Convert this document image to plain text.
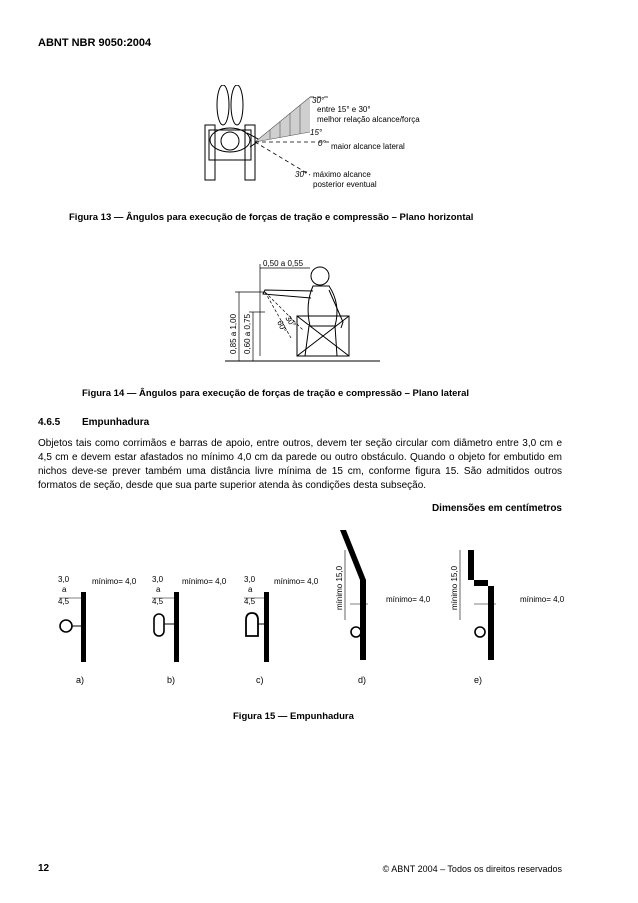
ABNT NBR 9050:2004
30°
entre 15° e 30°
melhor relação alcance/força
15°
0° maior alcance lateral
30° máximo alcance
posterior eventual
Figura 13 — Ângulos para execução de forças de tração e compressão – Plano horizontal
0,50 a 0,55
0,85 a 1,00 0,60 a 0,75	30°
60°
Figura 14 — Ângulos para execução de forças de tração e compressão – Plano lateral
4.6.5 Empunhadura
Objetos tais como corrimãos e barras de apoio, entre outros, devem ter seção circular com diâmetro entre 3,0 cm e 4,5 cm e devem estar afastados no mínimo 4,0 cm da parede ou outro obstáculo. Quando o objeto for embutido em nichos deve-se prever também uma distância livre mínima de 15 cm, conforme figura 15. São admitidos outros formatos de seção, desde que sua parte superior atenda às condições desta subseção.
Dimensões em centímetros
3,0
a
4,5
mínimo= 4,0 3,0
a
4,5
mínimo= 4,0 3,0
a
4,5
mínimo= 4,0 mínimo 15,0	mínimo= 4,0 mínimo 15,0	mínimo= 4,0
a)	b)	c)	d)	e)
Figura 15 — Empunhadura
12	© ABNT 2004 – Todos os direitos reservados
